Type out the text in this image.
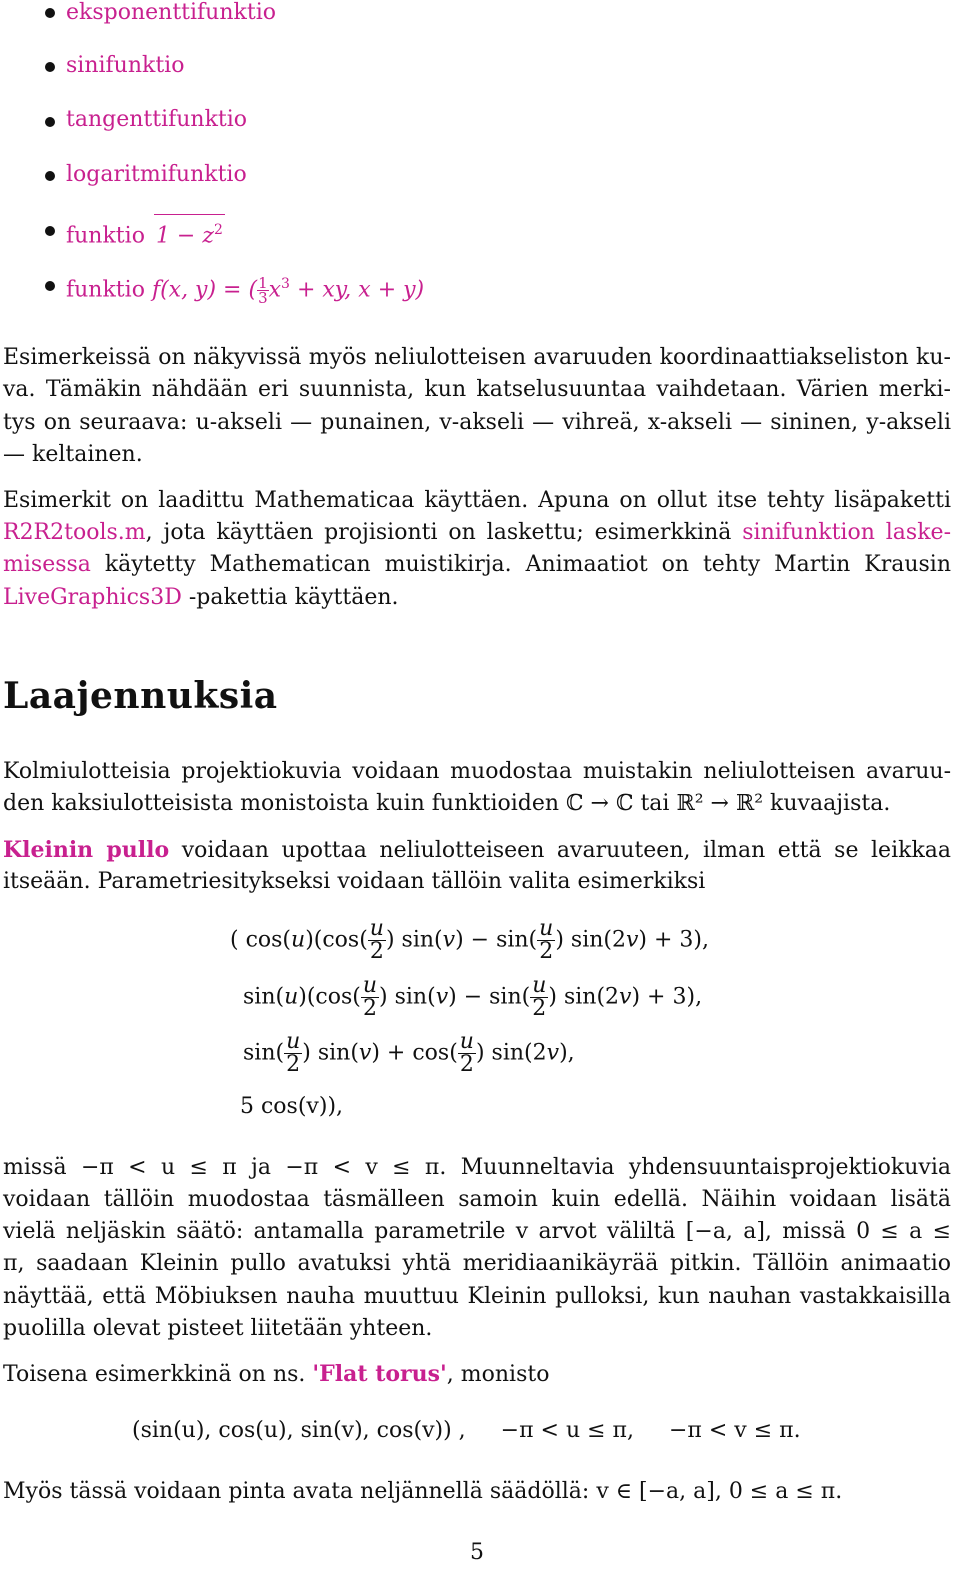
eksponenttifunktio
sinifunktio
tangenttifunktio
logaritmifunktio
funktio $1 - z^2$
funktio f(x, y) = ( $\frac{1}{3} x^3$ + xy, x + y)
Esimerkeissä on näkyvissä myös neliulotteisen avaruuden koordinaattiakseliston ku-
va. Tämäkin nähdään eri suunnista, kun katselusuuntaa vaihdetaan. Värien merki-
tys on seuraava: u-akseli — punainen, v-akseli — vihreä, x-akseli — sininen, y-akseli
— keltainen.
Esimerkit on laadittu Mathematicaa käyttäen. Apuna on ollut itse tehty lisäpaketti
R2R2tools.m, jota käyttäen projisionti on laskettu; esimerkkinä sinifunktion laske-
misessa käytetty Mathematican muistikirja. Animaatiot on tehty Martin Krausin
LiveGraphics3D -pakettia käyttäen.
Laajennuksia
Kolmiulotteisia projektiokuvia voidaan muodostaa muistakin neliulotteisen avaruu-
den kaksiulotteisista monistoista kuin funktioiden ℂ → ℂ tai ℝ² → ℝ² kuvaajista.
Kleinin pullo voidaan upottaa neliulotteiseen avaruuteen, ilman että se leikkaa
itseään. Parametriesitykseksi voidaan tällöin valita esimerkiksi
( $\cos(u)(\cos( \frac{u}{2}$ ) $\sin(v) - \sin( \frac{u}{2}$ ) sin(2v) + 3),
$\sin(u)(\cos( \frac{u}{2}$ ) $\sin(v) - \sin( \frac{u}{2}$ ) sin(2v) + 3),
$\sin( \frac{u}{2}$ ) $\sin(v) + \cos( \frac{u}{2}$ ) sin(2v),
5 cos(v)),
missä −π < u ≤ π ja −π < v ≤ π. Muunneltavia yhdensuuntaisprojektiokuvia
voidaan tällöin muodostaa täsmälleen samoin kuin edellä. Näihin voidaan lisätä
vielä neljäskin säätö: antamalla parametrile v arvot väliltä [−a, a], missä 0 ≤ a ≤
π, saadaan Kleinin pullo avatuksi yhtä meridiaanikäyrää pitkin. Tällöin animaatio
näyttää, että Möbiuksen nauha muuttuu Kleinin pulloksi, kun nauhan vastakkaisilla
puolilla olevat pisteet liitetään yhteen.
Toisena esimerkkinä on ns. 'Flat torus', monisto
(sin(u), cos(u), sin(v), cos(v)) ,     −π < u ≤ π,     −π < v ≤ π.
Myös tässä voidaan pinta avata neljännellä säädöllä: v ∈ [−a, a], 0 ≤ a ≤ π.
5
